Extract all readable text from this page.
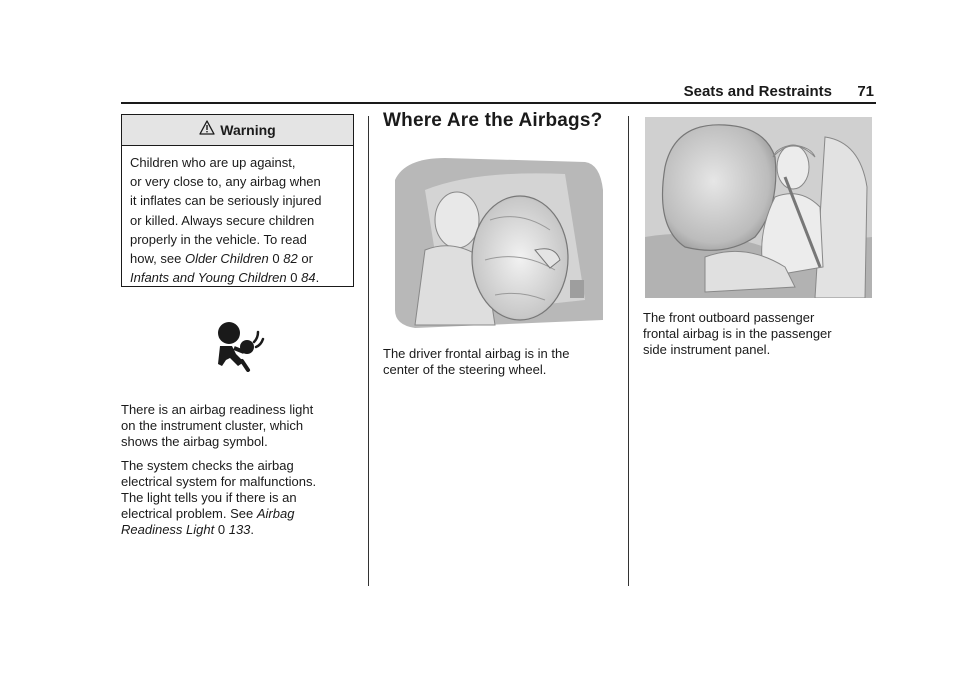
Seats and Restraints 71
Warning
Children who are up against,
or very close to, any airbag when
it inflates can be seriously injured
or killed. Always secure children
properly in the vehicle. To read
how, see Older Children 0 82 or
Infants and Young Children 0 84.

There is an airbag readiness light
on the instrument cluster, which
shows the airbag symbol.

The system checks the airbag
electrical system for malfunctions.
The light tells you if there is an
electrical problem. See Airbag
Readiness Light 0 133.

Where Are the Airbags?
The driver frontal airbag is in the
center of the steering wheel.
The front outboard passenger
frontal airbag is in the passenger
side instrument panel.
